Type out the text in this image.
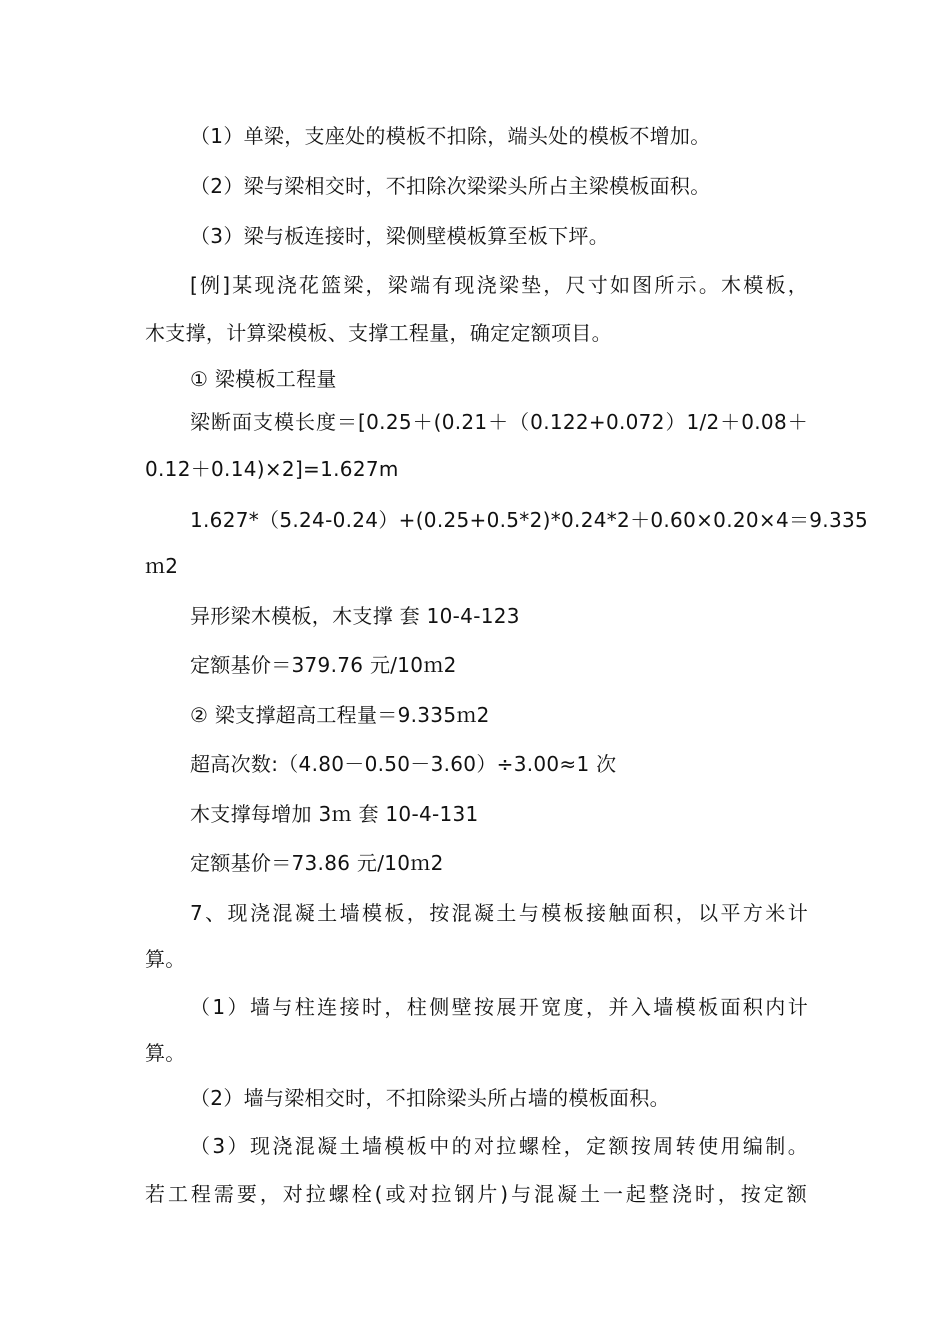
（1）单梁，支座处的模板不扣除，端头处的模板不增加。
（2）梁与梁相交时，不扣除次梁梁头所占主梁模板面积。
（3）梁与板连接时，梁侧壁模板算至板下坪。
[例]某现浇花篮梁，梁端有现浇梁垫，尺寸如图所示。木模板，
木支撑，计算梁模板、支撑工程量，确定定额项目。
① 梁模板工程量
梁断面支模长度＝[0.25＋(0.21＋（0.122+0.072）1/2＋0.08＋
0.12＋0.14)×2]=1.627m
1.627*（5.24-0.24）+(0.25+0.5*2)*0.24*2＋0.60×0.20×4＝9.335
ｍ2
异形梁木模板，木支撑 套 10-4-123
定额基价＝379.76 元/10ｍ2
② 梁支撑超高工程量＝9.335ｍ2
超高次数:（4.80－0.50－3.60）÷3.00≈1 次
木支撑每增加 3ｍ 套 10-4-131
定额基价＝73.86 元/10ｍ2
7、现浇混凝土墙模板，按混凝土与模板接触面积，以平方米计
算。
（1）墙与柱连接时，柱侧壁按展开宽度，并入墙模板面积内计
算。
（2）墙与梁相交时，不扣除梁头所占墙的模板面积。
（3）现浇混凝土墙模板中的对拉螺栓，定额按周转使用编制。
若工程需要，对拉螺栓(或对拉钢片)与混凝土一起整浇时，按定额
